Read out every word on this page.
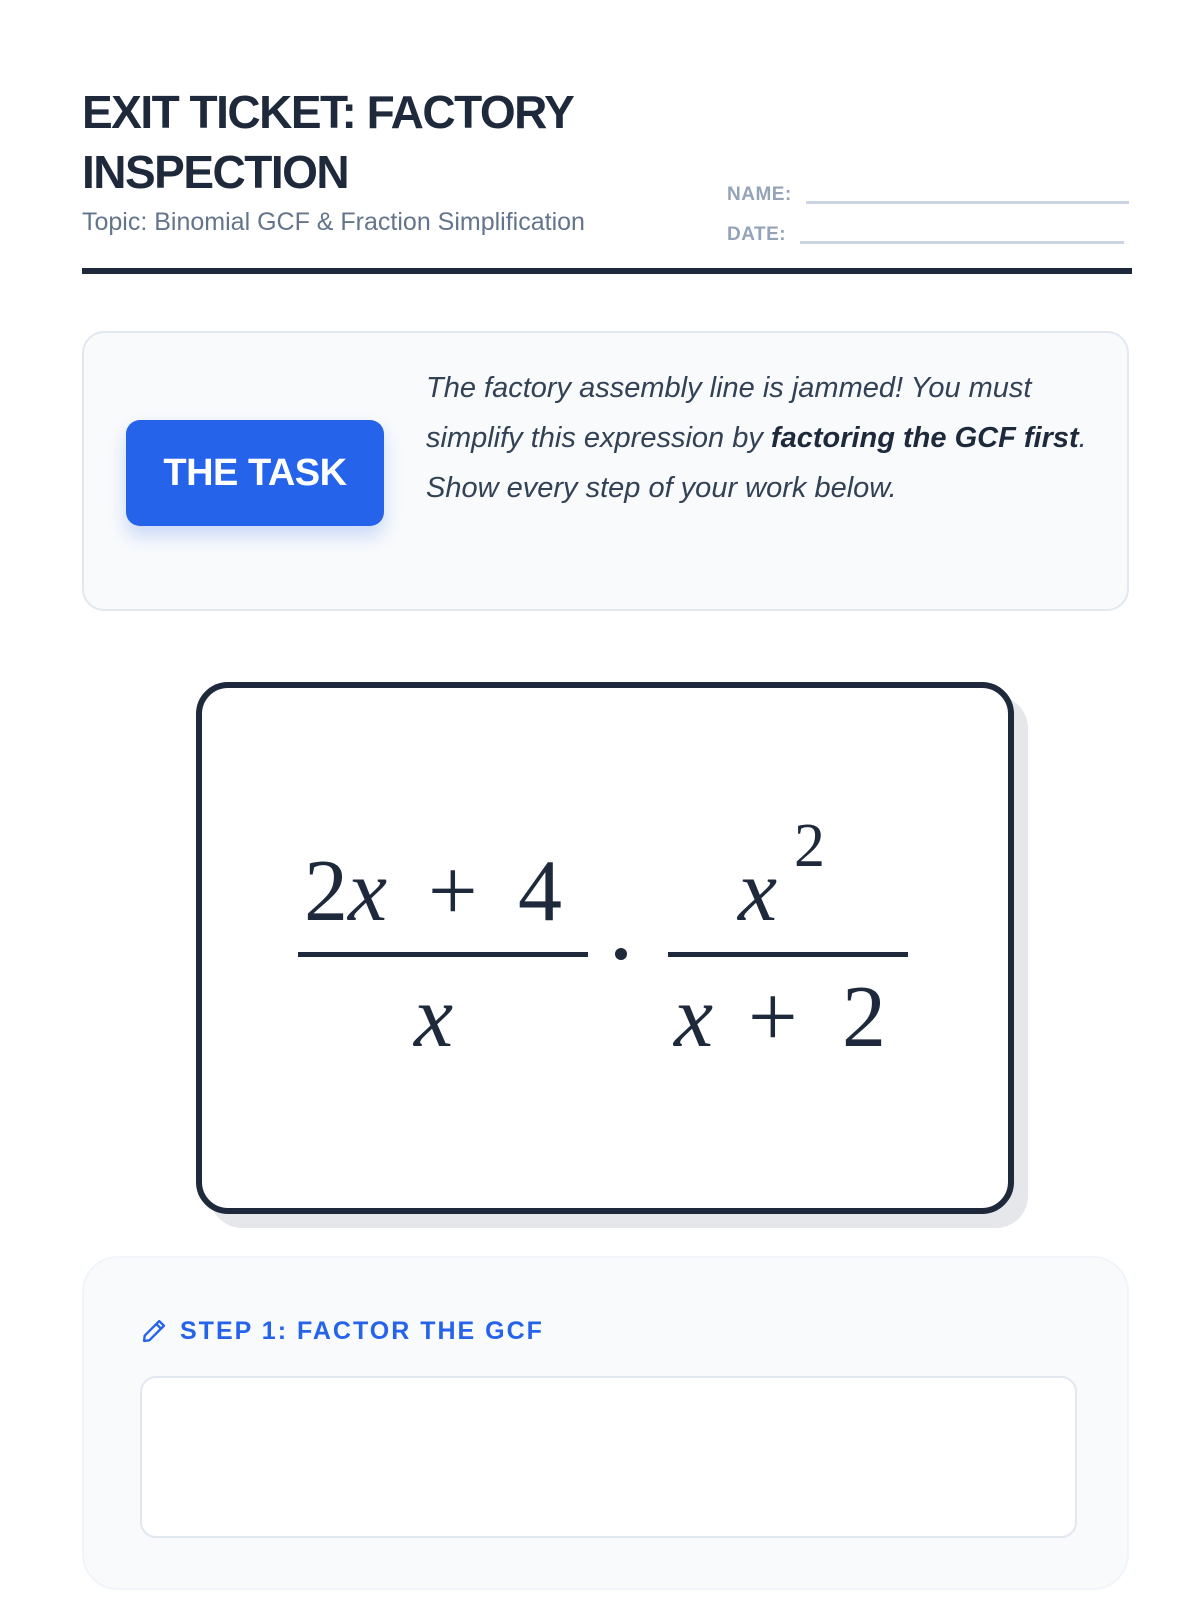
EXIT TICKET: FACTORY INSPECTION
Topic: Binomial GCF & Fraction Simplification
NAME:
DATE:
THE TASK

The factory assembly line is jammed! You must simplify this expression by factoring the GCF first. Show every step of your work below.

2 x + 4
x
x 2
x + 2
STEP 1: FACTOR THE GCF
